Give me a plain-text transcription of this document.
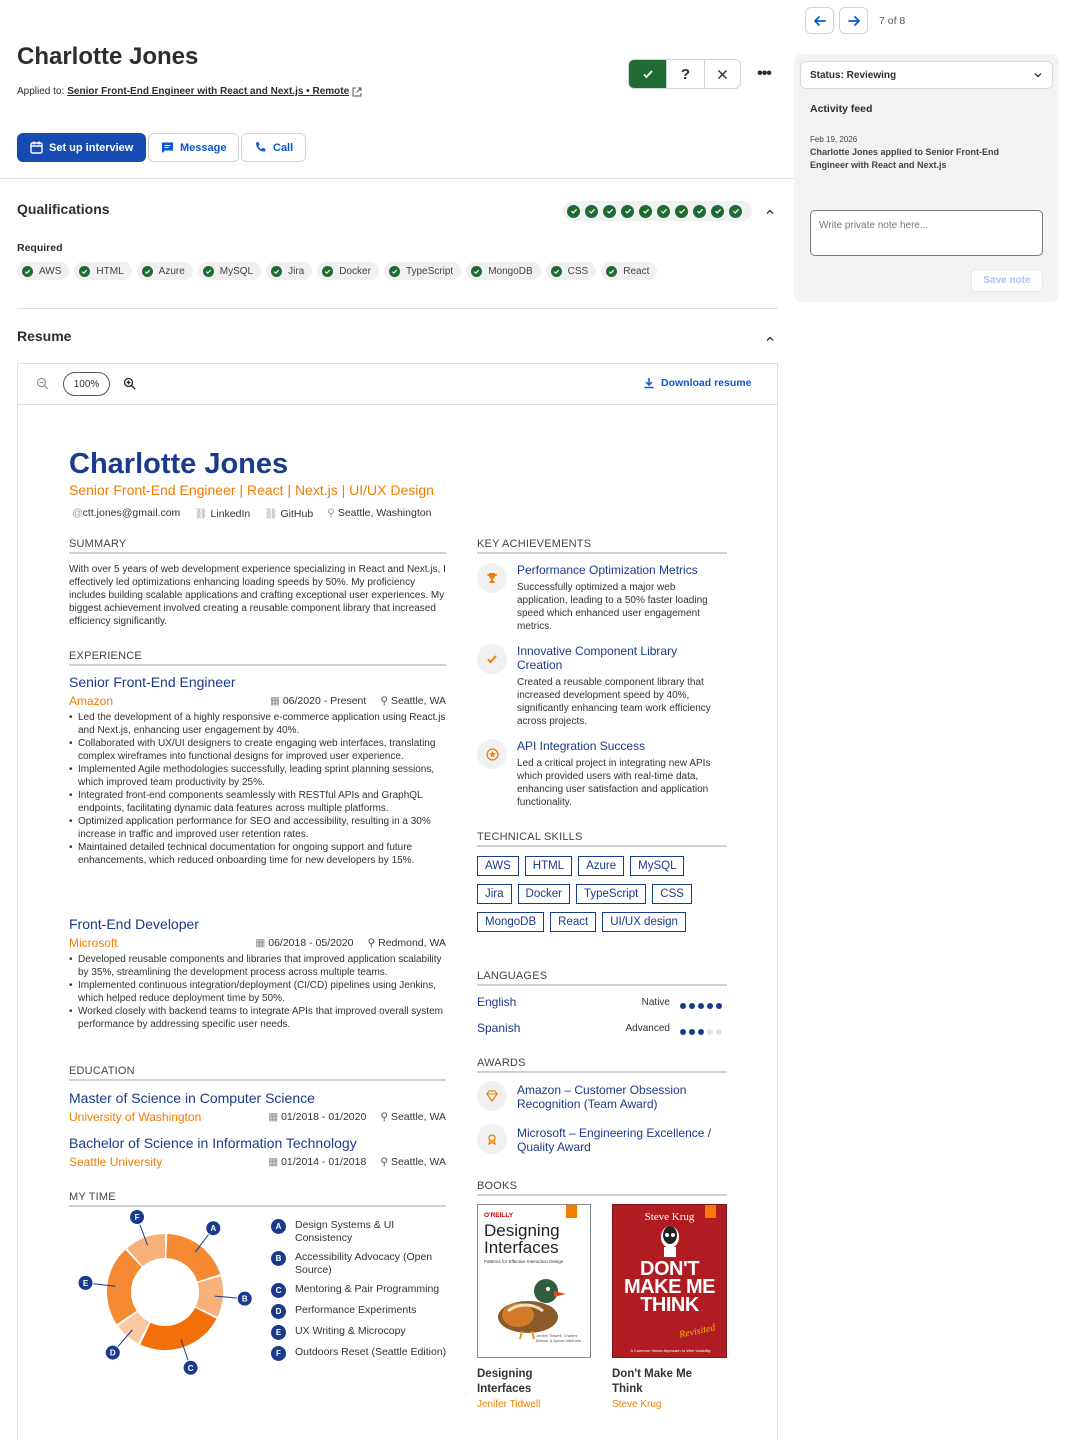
7 of 8
Charlotte Jones
Applied to: Senior Front-End Engineer with React and Next.js • Remote
?	•••
Set up interview	Message	Call
Status: Reviewing
Activity feed
Feb 19, 2026
Charlotte Jones applied to Senior Front-End Engineer with React and Next.js
Write private note here...
Save note
Qualifications
Required
AWS	HTML	Azure	MySQL	Jira	Docker	TypeScript	MongoDB	CSS	React
Resume
100%	Download resume
Charlotte Jones
Senior Front-End Engineer | React | Next.js | UI/UX Design
@ctt.jones@gmail.com ⛓ LinkedIn ⛓ GitHub ⚲ Seattle, Washington
SUMMARY
With over 5 years of web development experience specializing in React and Next.js, I effectively led optimizations enhancing loading speeds by 50%. My proficiency includes building scalable applications and crafting exceptional user experiences. My biggest achievement involved creating a reusable component library that increased efficiency significantly.
EXPERIENCE
Senior Front-End Engineer
Amazon	▦ 06/2020 - Present ⚲ Seattle, WA
• Led the development of a highly responsive e-commerce application using React.js and Next.js, enhancing user engagement by 40%.
• Collaborated with UX/UI designers to create engaging web interfaces, translating complex wireframes into functional designs for improved user experience.
• Implemented Agile methodologies successfully, leading sprint planning sessions, which improved team productivity by 25%.
• Integrated front-end components seamlessly with RESTful APIs and GraphQL endpoints, facilitating dynamic data features across multiple platforms.
• Optimized application performance for SEO and accessibility, resulting in a 30% increase in traffic and improved user retention rates.
• Maintained detailed technical documentation for ongoing support and future enhancements, which reduced onboarding time for new developers by 15%.
Front-End Developer
Microsoft	▦ 06/2018 - 05/2020 ⚲ Redmond, WA
• Developed reusable components and libraries that improved application scalability by 35%, streamlining the development process across multiple teams.
• Implemented continuous integration/deployment (CI/CD) pipelines using Jenkins, which helped reduce deployment time by 50%.
• Worked closely with backend teams to integrate APIs that improved overall system performance by addressing specific user needs.
EDUCATION
Master of Science in Computer Science
University of Washington	▦ 01/2018 - 01/2020 ⚲ Seattle, WA
Bachelor of Science in Information Technology
Seattle University	▦ 01/2014 - 01/2018 ⚲ Seattle, WA
MY TIME
A
B
C
D
E
F
A	Design Systems & UI Consistency
B	Accessibility Advocacy (Open Source)
C	Mentoring & Pair Programming
D	Performance Experiments
E	UX Writing & Microcopy
F	Outdoors Reset (Seattle Edition)
KEY ACHIEVEMENTS
Performance Optimization Metrics
Successfully optimized a major web application, leading to a 50% faster loading speed which enhanced user engagement metrics.
Innovative Component Library Creation
Created a reusable component library that increased development speed by 40%, significantly enhancing team work efficiency across projects.
API Integration Success
Led a critical project in integrating new APIs which provided users with real-time data, enhancing user satisfaction and application functionality.
TECHNICAL SKILLS
AWS HTML Azure MySQL
Jira Docker TypeScript CSS
MongoDB React UI/UX design
LANGUAGES
English	Native
Spanish	Advanced
AWARDS
Amazon – Customer Obsession Recognition (Team Award)
Microsoft – Engineering Excellence / Quality Award
BOOKS
O'REILLY
Designing Interfaces
Patterns for Effective Interaction Design
Jenifer Tidwell, Charles Brewer & Aynne Valencia
Designing Interfaces
Jenifer Tidwell
Steve Krug
DON'T MAKE ME THINK
Revisited
A Common Sense Approach to Web Usability
Don't Make Me Think
Steve Krug
